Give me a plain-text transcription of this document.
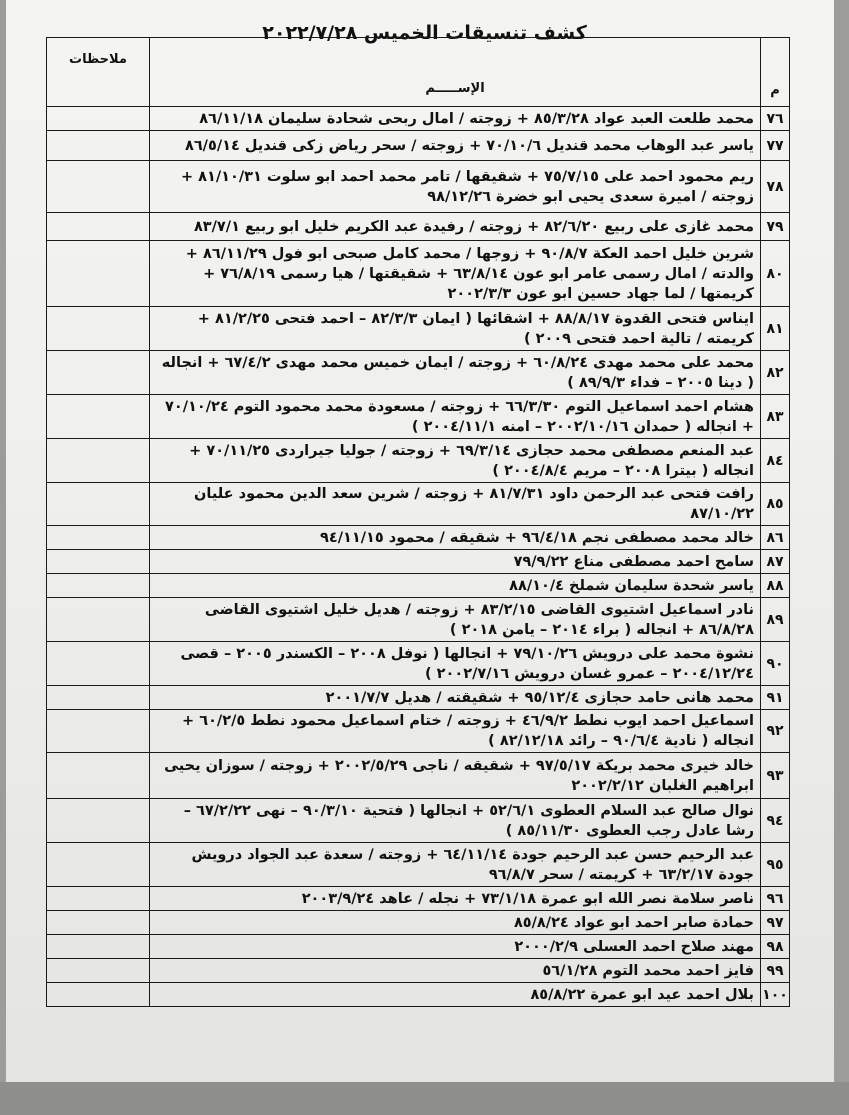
كشف تنسيقات الخميس ٢٠٢٢/٧/٢٨
م	الإســـــم	ملاحظات
٧٦	محمد طلعت العبد عواد ٨٥/٣/٢٨ + زوجته / امال ربحى شحادة سليمان ٨٦/١١/١٨	
٧٧	ياسر عبد الوهاب محمد قنديل ٧٠/١٠/٦ + زوجته / سحر رياض زكى قنديل ٨٦/٥/١٤	
٧٨	ريم محمود احمد على ٧٥/٧/١٥ + شقيقها / تامر محمد احمد ابو سلوت ٨١/١٠/٣١ + زوجته / اميرة سعدى يحيى ابو خضرة ٩٨/١٢/٢٦	
٧٩	محمد غازى على ربيع ٨٢/٦/٢٠ + زوجته / رفيدة عبد الكريم خليل ابو ربيع ٨٣/٧/١	
٨٠	شرين خليل احمد العكة ٩٠/٨/٧ + زوجها / محمد كامل صبحى ابو فول ٨٦/١١/٢٩ + والدته / امال رسمى عامر ابو عون ٦٣/٨/١٤ + شقيقتها / هيا رسمى ٧٦/٨/١٩ + كريمتها / لما جهاد حسين ابو عون ٢٠٠٢/٣/٣	
٨١	ايناس فتحى القدوة ٨٨/٨/١٧ + اشقائها ( ايمان ٨٢/٣/٣ – احمد فتحى ٨١/٢/٢٥ + كريمته / تالية احمد فتحى ٢٠٠٩ )	
٨٢	محمد على محمد مهدى ٦٠/٨/٢٤ + زوجته / ايمان خميس محمد مهدى ٦٧/٤/٢ + انجاله ( دينا ٢٠٠٥ – فداء ٨٩/٩/٣ )	
٨٣	هشام احمد اسماعيل التوم ٦٦/٣/٣٠ + زوجته / مسعودة محمد محمود التوم ٧٠/١٠/٢٤ + انجاله ( حمدان ٢٠٠٢/١٠/١٦ – امنه ٢٠٠٤/١١/١ )	
٨٤	عبد المنعم مصطفى محمد حجازى ٦٩/٣/١٤ + زوجته / جوليا جيراردى ٧٠/١١/٢٥ + انجاله ( بيترا ٢٠٠٨ – مريم ٢٠٠٤/٨/٤ )	
٨٥	رافت فتحى عبد الرحمن داود ٨١/٧/٣١ + زوجته / شرين سعد الدين محمود عليان ٨٧/١٠/٢٢	
٨٦	خالد محمد مصطفى نجم ٩٦/٤/١٨ + شقيقه / محمود ٩٤/١١/١٥	
٨٧	سامح احمد مصطفى مناع ٧٩/٩/٢٢	
٨٨	ياسر شحدة سليمان شملخ ٨٨/١٠/٤	
٨٩	نادر اسماعيل اشتيوى القاضى ٨٣/٢/١٥ + زوجته / هديل خليل اشتيوى القاضى ٨٦/٨/٢٨ + انجاله ( براء ٢٠١٤ – يامن ٢٠١٨ )	
٩٠	نشوة محمد على درويش ٧٩/١٠/٢٦ + انجالها ( نوفل ٢٠٠٨ – الكسندر ٢٠٠٥ – قصى ٢٠٠٤/١٢/٢٤ – عمرو غسان درويش ٢٠٠٢/٧/١٦ )	
٩١	محمد هانى حامد حجازى ٩٥/١٢/٤ + شقيقته / هديل ٢٠٠١/٧/٧	
٩٢	اسماعيل احمد ايوب نطط ٤٦/٩/٢ + زوجته / ختام اسماعيل محمود نطط ٦٠/٢/٥ + انجاله ( نادية ٩٠/٦/٤ – رائد ٨٢/١٢/١٨ )	
٩٣	خالد خيرى محمد بريكة ٩٧/٥/١٧ + شقيقه / ناجى ٢٠٠٢/٥/٢٩ + زوجته / سوزان يحيى ابراهيم الغلبان ٢٠٠٢/٢/١٢	
٩٤	نوال صالح عبد السلام العطوى ٥٢/٦/١ + انجالها ( فتحية ٩٠/٣/١٠ – نهى ٦٧/٢/٢٢ – رشا عادل رجب العطوى ٨٥/١١/٣٠ )	
٩٥	عبد الرحيم حسن عبد الرحيم جودة ٦٤/١١/١٤ + زوجته / سعدة عبد الجواد درويش جودة ٦٣/٢/١٧ + كريمته / سحر ٩٦/٨/٧	
٩٦	ناصر سلامة نصر الله ابو عمرة ٧٣/١/١٨ + نجله / عاهد ٢٠٠٣/٩/٢٤	
٩٧	حمادة صابر احمد ابو عواد ٨٥/٨/٢٤	
٩٨	مهند صلاح احمد العسلى ٢٠٠٠/٢/٩	
٩٩	فايز احمد محمد التوم ٥٦/١/٢٨	
١٠٠	بلال احمد عيد ابو عمرة ٨٥/٨/٢٢	
